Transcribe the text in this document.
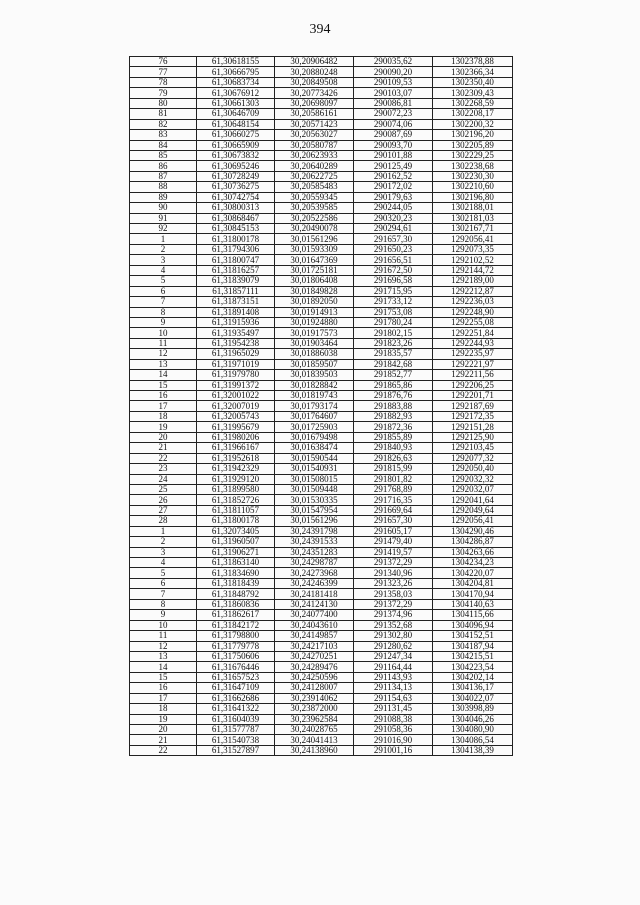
394
76	61,30618155	30,20906482	290035,62	1302378,88
77	61,30666795	30,20880248	290090,20	1302366,34
78	61,30683734	30,20849508	290109,53	1302350,40
79	61,30676912	30,20773426	290103,07	1302309,43
80	61,30661303	30,20698097	290086,81	1302268,59
81	61,30646709	30,20586161	290072,23	1302208,17
82	61,30648154	30,20571423	290074,06	1302200,32
83	61,30660275	30,20563027	290087,69	1302196,20
84	61,30665909	30,20580787	290093,70	1302205,89
85	61,30673832	30,20623933	290101,88	1302229,25
86	61,30695246	30,20640289	290125,49	1302238,68
87	61,30728249	30,20622725	290162,52	1302230,30
88	61,30736275	30,20585483	290172,02	1302210,60
89	61,30742754	30,20559345	290179,63	1302196,80
90	61,30800313	30,20539585	290244,05	1302188,01
91	61,30868467	30,20522586	290320,23	1302181,03
92	61,30845153	30,20490078	290294,61	1302167,71
1	61,31800178	30,01561296	291657,30	1292056,41
2	61,31794306	30,01593309	291650,23	1292073,35
3	61,31800747	30,01647369	291656,51	1292102,52
4	61,31816257	30,01725181	291672,50	1292144,72
5	61,31839079	30,01806408	291696,58	1292189,00
6	61,31857111	30,01849828	291715,95	1292212,87
7	61,31873151	30,01892050	291733,12	1292236,03
8	61,31891408	30,01914913	291753,08	1292248,90
9	61,31915936	30,01924880	291780,24	1292255,08
10	61,31935497	30,01917573	291802,15	1292251,84
11	61,31954238	30,01903464	291823,26	1292244,93
12	61,31965029	30,01886038	291835,57	1292235,97
13	61,31971019	30,01859507	291842,68	1292221,97
14	61,31979780	30,01839503	291852,77	1292211,56
15	61,31991372	30,01828842	291865,86	1292206,25
16	61,32001022	30,01819743	291876,76	1292201,71
17	61,32007019	30,01793174	291883,88	1292187,69
18	61,32005743	30,01764607	291882,93	1292172,35
19	61,31995679	30,01725903	291872,36	1292151,28
20	61,31980206	30,01679498	291855,89	1292125,90
21	61,31966167	30,01638474	291840,93	1292103,45
22	61,31952618	30,01590544	291826,63	1292077,32
23	61,31942329	30,01540931	291815,99	1292050,40
24	61,31929120	30,01508015	291801,82	1292032,32
25	61,31899580	30,01509448	291768,89	1292032,07
26	61,31852726	30,01530335	291716,35	1292041,64
27	61,31811057	30,01547954	291669,64	1292049,64
28	61,31800178	30,01561296	291657,30	1292056,41
1	61,32073405	30,24391798	291605,17	1304290,46
2	61,31960507	30,24391533	291479,40	1304286,87
3	61,31906271	30,24351283	291419,57	1304263,66
4	61,31863140	30,24298787	291372,29	1304234,23
5	61,31834690	30,24273968	291340,96	1304220,07
6	61,31818439	30,24246399	291323,26	1304204,81
7	61,31848792	30,24181418	291358,03	1304170,94
8	61,31860836	30,24124130	291372,29	1304140,63
9	61,31862617	30,24077400	291374,96	1304115,66
10	61,31842172	30,24043610	291352,68	1304096,94
11	61,31798800	30,24149857	291302,80	1304152,51
12	61,31779778	30,24217103	291280,62	1304187,94
13	61,31750606	30,24270251	291247,34	1304215,51
14	61,31676446	30,24289476	291164,44	1304223,54
15	61,31657523	30,24250596	291143,93	1304202,14
16	61,31647109	30,24128007	291134,13	1304136,17
17	61,31662686	30,23914062	291154,63	1304022,07
18	61,31641322	30,23872000	291131,45	1303998,89
19	61,31604039	30,23962584	291088,38	1304046,26
20	61,31577787	30,24028765	291058,36	1304080,90
21	61,31540738	30,24041413	291016,90	1304086,54
22	61,31527897	30,24138960	291001,16	1304138,39
